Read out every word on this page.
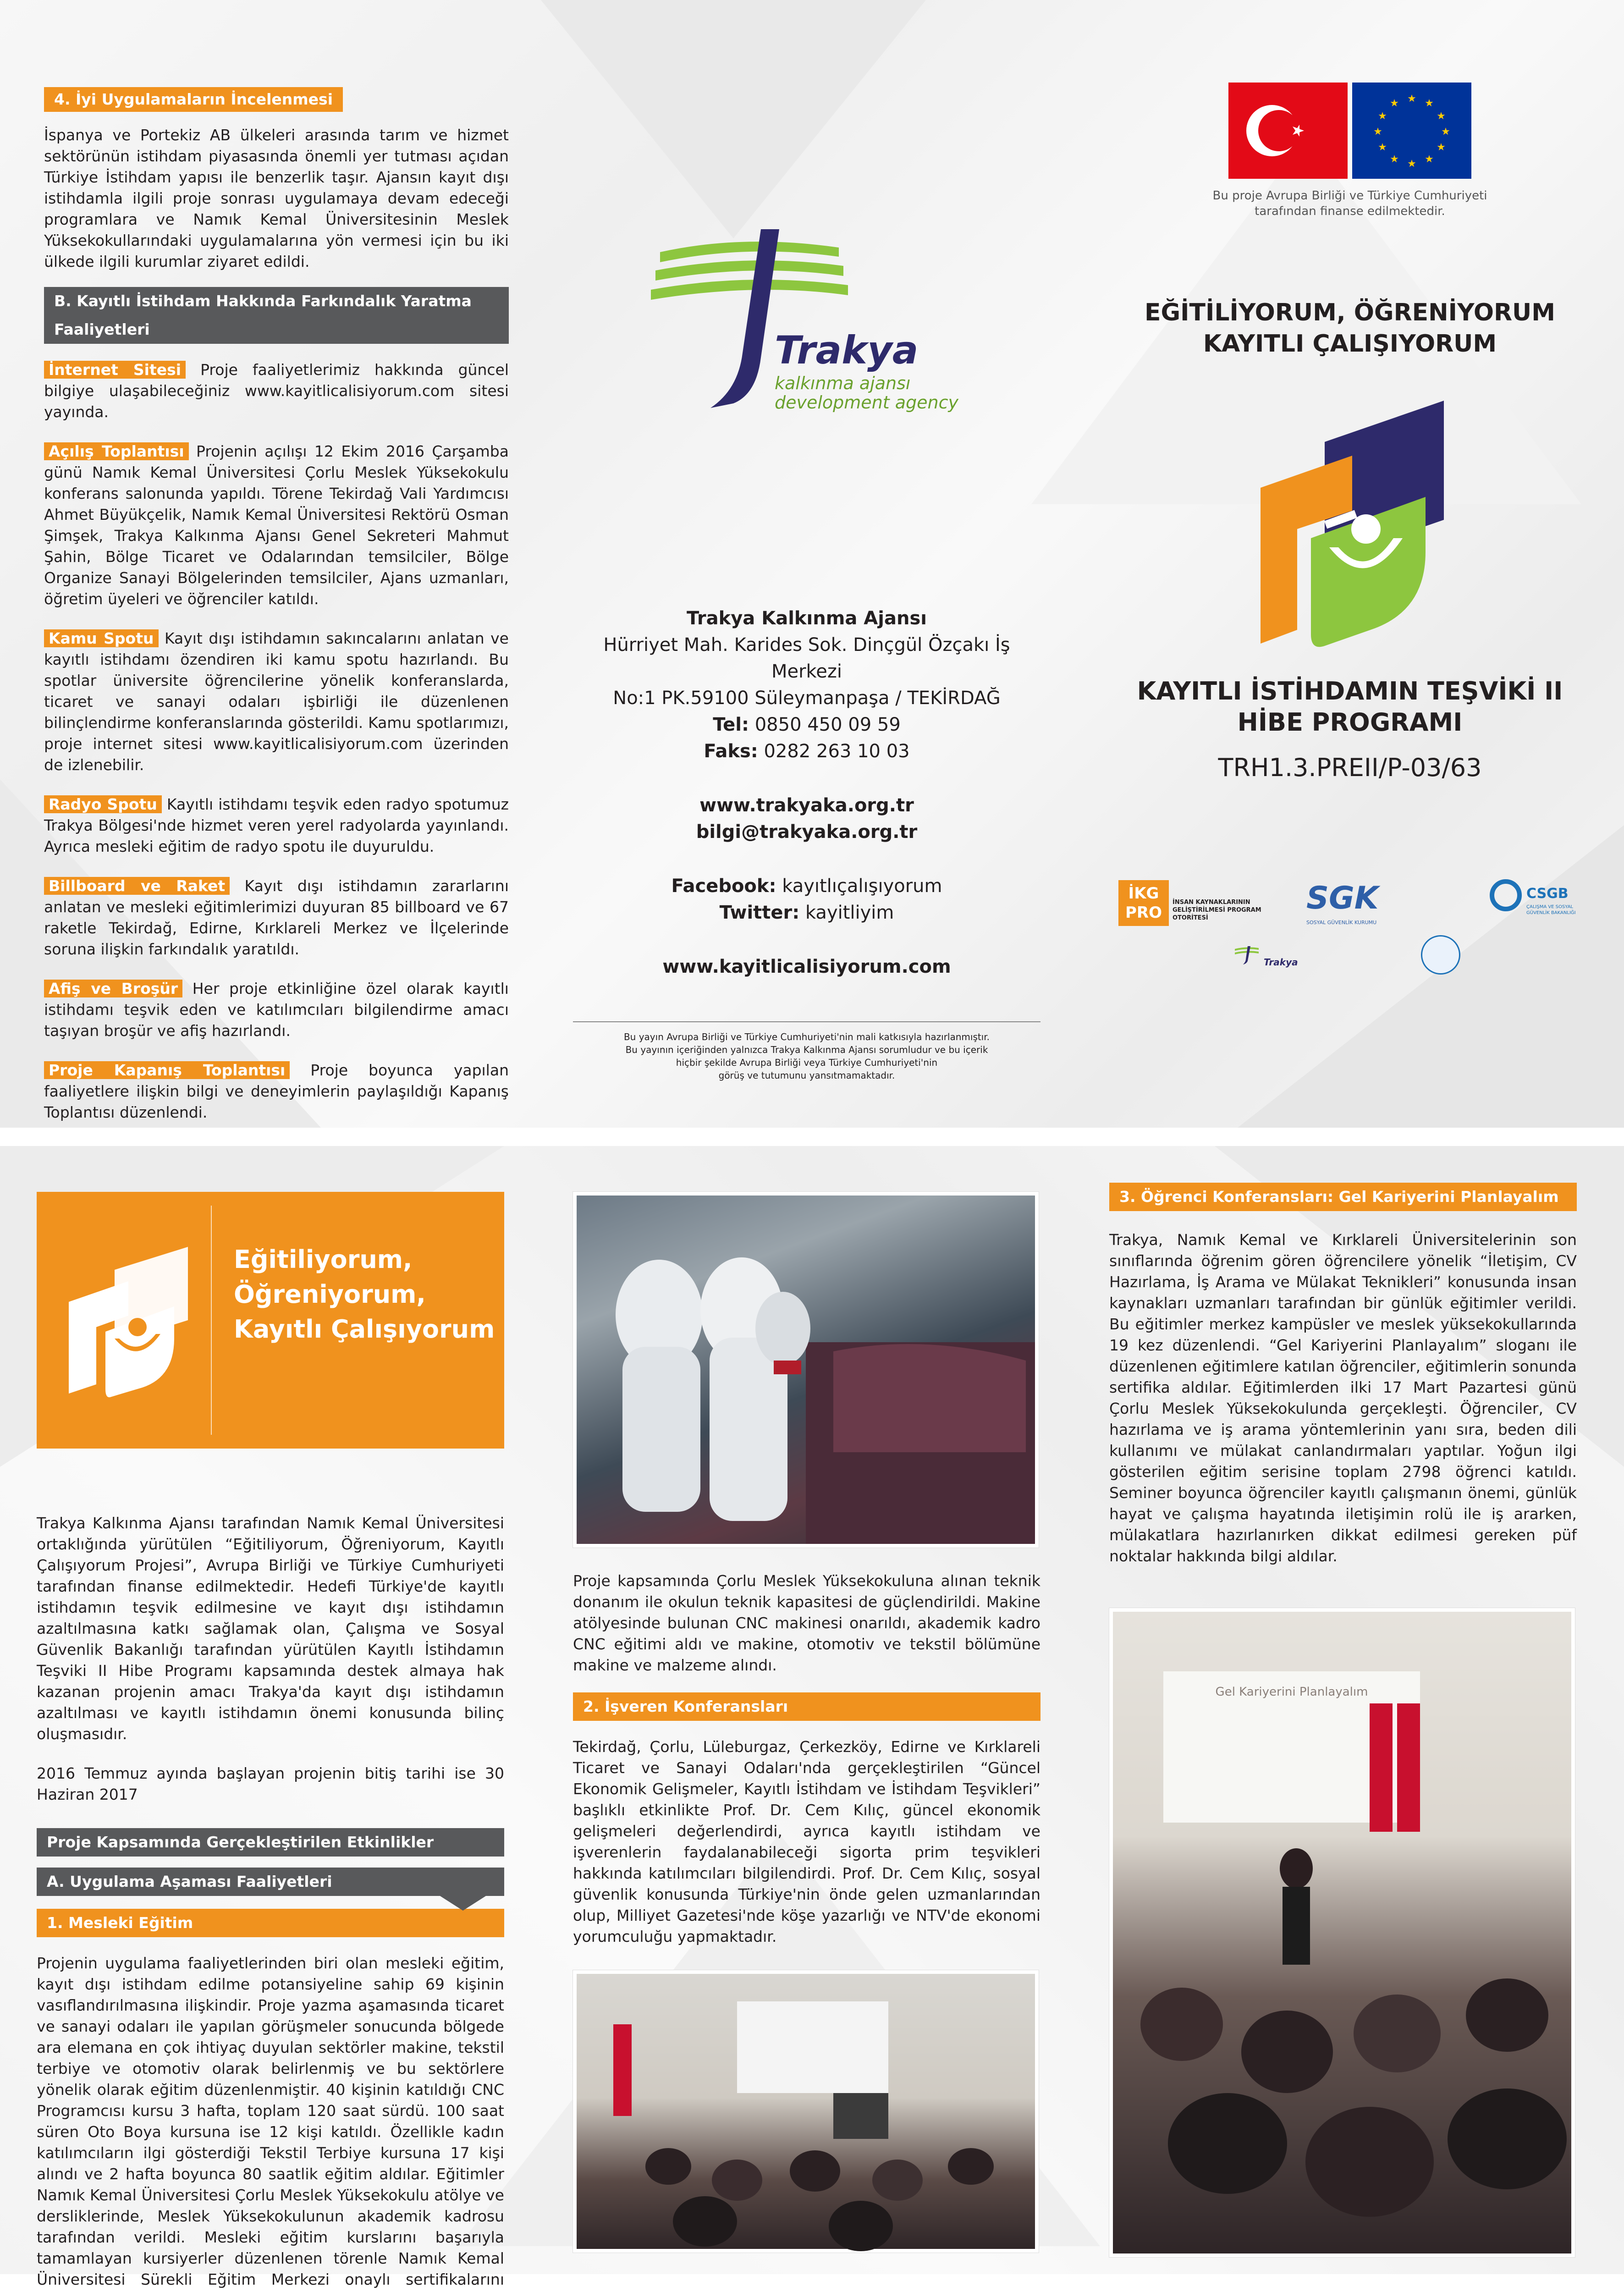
4. İyi Uygulamaların İncelenmesi

İspanya ve Portekiz AB ülkeleri arasında tarım ve hizmet sektörünün istihdam piyasasında önemli yer tutması açıdan Türkiye İstihdam yapısı ile benzerlik taşır. Ajansın kayıt dışı istihdamla ilgili proje sonrası uygulamaya devam edeceği programlara ve Namık Kemal Üniversitesinin Meslek Yüksekokullarındaki uygulamalarına yön vermesi için bu iki ülkede ilgili kurumlar ziyaret edildi.

B. Kayıtlı İstihdam Hakkında Farkındalık Yaratma Faaliyetleri

İnternet Sitesi Proje faaliyetlerimiz hakkında güncel bilgiye ulaşabileceğiniz www.kayitlicalisiyorum.com sitesi yayında.

Açılış Toplantısı Projenin açılışı 12 Ekim 2016 Çarşamba günü Namık Kemal Üniversitesi Çorlu Meslek Yüksekokulu konferans salonunda yapıldı. Törene Tekirdağ Vali Yardımcısı Ahmet Büyükçelik, Namık Kemal Üniversitesi Rektörü Osman Şimşek, Trakya Kalkınma Ajansı Genel Sekreteri Mahmut Şahin, Bölge Ticaret ve Odalarından temsilciler, Bölge Organize Sanayi Bölgelerinden temsilciler, Ajans uzmanları, öğretim üyeleri ve öğrenciler katıldı.

Kamu Spotu Kayıt dışı istihdamın sakıncalarını anlatan ve kayıtlı istihdamı özendiren iki kamu spotu hazırlandı. Bu spotlar üniversite öğrencilerine yönelik konferanslarda, ticaret ve sanayi odaları işbirliği ile düzenlenen bilinçlendirme konferanslarında gösterildi. Kamu spotlarımızı, proje internet sitesi www.kayitlicalisiyorum.com üzerinden de izlenebilir.

Radyo Spotu Kayıtlı istihdamı teşvik eden radyo spotumuz Trakya Bölgesi'nde hizmet veren yerel radyolarda yayınlandı. Ayrıca mesleki eğitim de radyo spotu ile duyuruldu.

Billboard ve Raket Kayıt dışı istihdamın zararlarını anlatan ve mesleki eğitimlerimizi duyuran 85 billboard ve 67 raketle Tekirdağ, Edirne, Kırklareli Merkez ve İlçelerinde soruna ilişkin farkındalık yaratıldı.

Afiş ve Broşür Her proje etkinliğine özel olarak kayıtlı istihdamı teşvik eden ve katılımcıları bilgilendirme amacı taşıyan broşür ve afiş hazırlandı.

Proje Kapanış Toplantısı Proje boyunca yapılan faaliyetlere ilişkin bilgi ve deneyimlerin paylaşıldığı Kapanış Toplantısı düzenlendi.

Trakya
kalkınma ajansı
development agency
Trakya Kalkınma Ajansı
Hürriyet Mah. Karides Sok. Dinçgül Özçakı İş Merkezi
No:1 PK.59100 Süleymanpaşa / TEKİRDAĞ
Tel: 0850 450 09 59
Faks: 0282 263 10 03
www.trakyaka.org.tr
bilgi@trakyaka.org.tr
Facebook: kayıtlıçalışıyorum
Twitter: kayitliyim
www.kayitlicalisiyorum.com
Bu yayın Avrupa Birliği ve Türkiye Cumhuriyeti'nin mali katkısıyla hazırlanmıştır.
Bu yayının içeriğinden yalnızca Trakya Kalkınma Ajansı sorumludur ve bu içerik
hiçbir şekilde Avrupa Birliği veya Türkiye Cumhuriyeti'nin
görüş ve tutumunu yansıtmamaktadır.
★ ★
★
★
★
★
★
★
★
★
★
★
Bu proje Avrupa Birliği ve Türkiye Cumhuriyeti
tarafından finanse edilmektedir.
EĞİTİLİYORUM, ÖĞRENİYORUM
KAYITLI ÇALIŞIYORUM
KAYITLI İSTİHDAMIN TEŞVİKİ II
HİBE PROGRAMI
TRH1.3.PREII/P-03/63
İKG PRO
İNSAN KAYNAKLARININ GELİŞTİRİLMESİ PROGRAM OTORİTESİ
SGK
SOSYAL GÜVENLİK KURUMU
CSGB
ÇALIŞMA VE SOSYAL GÜVENLİK BAKANLIĞI
Trakya
Eğitiliyorum,
Öğreniyorum,
Kayıtlı Çalışıyorum

Trakya Kalkınma Ajansı tarafından Namık Kemal Üniversitesi ortaklığında yürütülen “Eğitiliyorum, Öğreniyorum, Kayıtlı Çalışıyorum Projesi”, Avrupa Birliği ve Türkiye Cumhuriyeti tarafından finanse edilmektedir. Hedefi Türkiye'de kayıtlı istihdamın teşvik edilmesine ve kayıt dışı istihdamın azaltılmasına katkı sağlamak olan, Çalışma ve Sosyal Güvenlik Bakanlığı tarafından yürütülen Kayıtlı İstihdamın Teşviki II Hibe Programı kapsamında destek almaya hak kazanan projenin amacı Trakya'da kayıt dışı istihdamın azaltılması ve kayıtlı istihdamın önemi konusunda bilinç oluşmasıdır.

2016 Temmuz ayında başlayan projenin bitiş tarihi ise 30 Haziran 2017

Proje Kapsamında Gerçekleştirilen Etkinlikler
A. Uygulama Aşaması Faaliyetleri
1. Mesleki Eğitim

Projenin uygulama faaliyetlerinden biri olan mesleki eğitim, kayıt dışı istihdam edilme potansiyeline sahip 69 kişinin vasıflandırılmasına ilişkindir. Proje yazma aşamasında ticaret ve sanayi odaları ile yapılan görüşmeler sonucunda bölgede ara elemana en çok ihtiyaç duyulan sektörler makine, tekstil terbiye ve otomotiv olarak belirlenmiş ve bu sektörlere yönelik olarak eğitim düzenlenmiştir. 40 kişinin katıldığı CNC Programcısı kursu 3 hafta, toplam 120 saat sürdü. 100 saat süren Oto Boya kursuna ise 12 kişi katıldı. Özellikle kadın katılımcıların ilgi gösterdiği Tekstil Terbiye kursuna 17 kişi alındı ve 2 hafta boyunca 80 saatlik eğitim aldılar. Eğitimler Namık Kemal Üniversitesi Çorlu Meslek Yüksekokulu atölye ve dersliklerinde, Meslek Yüksekokulunun akademik kadrosu tarafından verildi. Mesleki eğitim kurslarını başarıyla tamamlayan kursiyerler düzenlenen törenle Namık Kemal Üniversitesi Sürekli Eğitim Merkezi onaylı sertifikalarını

Proje kapsamında Çorlu Meslek Yüksekokuluna alınan teknik donanım ile okulun teknik kapasitesi de güçlendirildi. Makine atölyesinde bulunan CNC makinesi onarıldı, akademik kadro CNC eğitimi aldı ve makine, otomotiv ve tekstil bölümüne makine ve malzeme alındı.

2. İşveren Konferansları

Tekirdağ, Çorlu, Lüleburgaz, Çerkezköy, Edirne ve Kırklareli Ticaret ve Sanayi Odaları'nda gerçekleştirilen “Güncel Ekonomik Gelişmeler, Kayıtlı İstihdam ve İstihdam Teşvikleri” başlıklı etkinlikte Prof. Dr. Cem Kılıç, güncel ekonomik gelişmeleri değerlendirdi, ayrıca kayıtlı istihdam ve işverenlerin faydalanabileceği sigorta prim teşvikleri hakkında katılımcıları bilgilendirdi. Prof. Dr. Cem Kılıç, sosyal güvenlik konusunda Türkiye'nin önde gelen uzmanlarından olup, Milliyet Gazetesi'nde köşe yazarlığı ve NTV'de ekonomi yorumculuğu yapmaktadır.

3. Öğrenci Konferansları: Gel Kariyerini Planlayalım

Trakya, Namık Kemal ve Kırklareli Üniversitelerinin son sınıflarında öğrenim gören öğrencilere yönelik “İletişim, CV Hazırlama, İş Arama ve Mülakat Teknikleri” konusunda insan kaynakları uzmanları tarafından bir günlük eğitimler verildi. Bu eğitimler merkez kampüsler ve meslek yüksekokullarında 19 kez düzenlendi. “Gel Kariyerini Planlayalım” sloganı ile düzenlenen eğitimlere katılan öğrenciler, eğitimlerin sonunda sertifika aldılar. Eğitimlerden ilki 17 Mart Pazartesi günü Çorlu Meslek Yüksekokulunda gerçekleşti. Öğrenciler, CV hazırlama ve iş arama yöntemlerinin yanı sıra, beden dili kullanımı ve mülakat canlandırmaları yaptılar. Yoğun ilgi gösterilen eğitim serisine toplam 2798 öğrenci katıldı. Seminer boyunca öğrenciler kayıtlı çalışmanın önemi, günlük hayat ve çalışma hayatında iletişimin rolü ile iş ararken, mülakatlara hazırlanırken dikkat edilmesi gereken püf noktalar hakkında bilgi aldılar.

Gel Kariyerini Planlayalım
